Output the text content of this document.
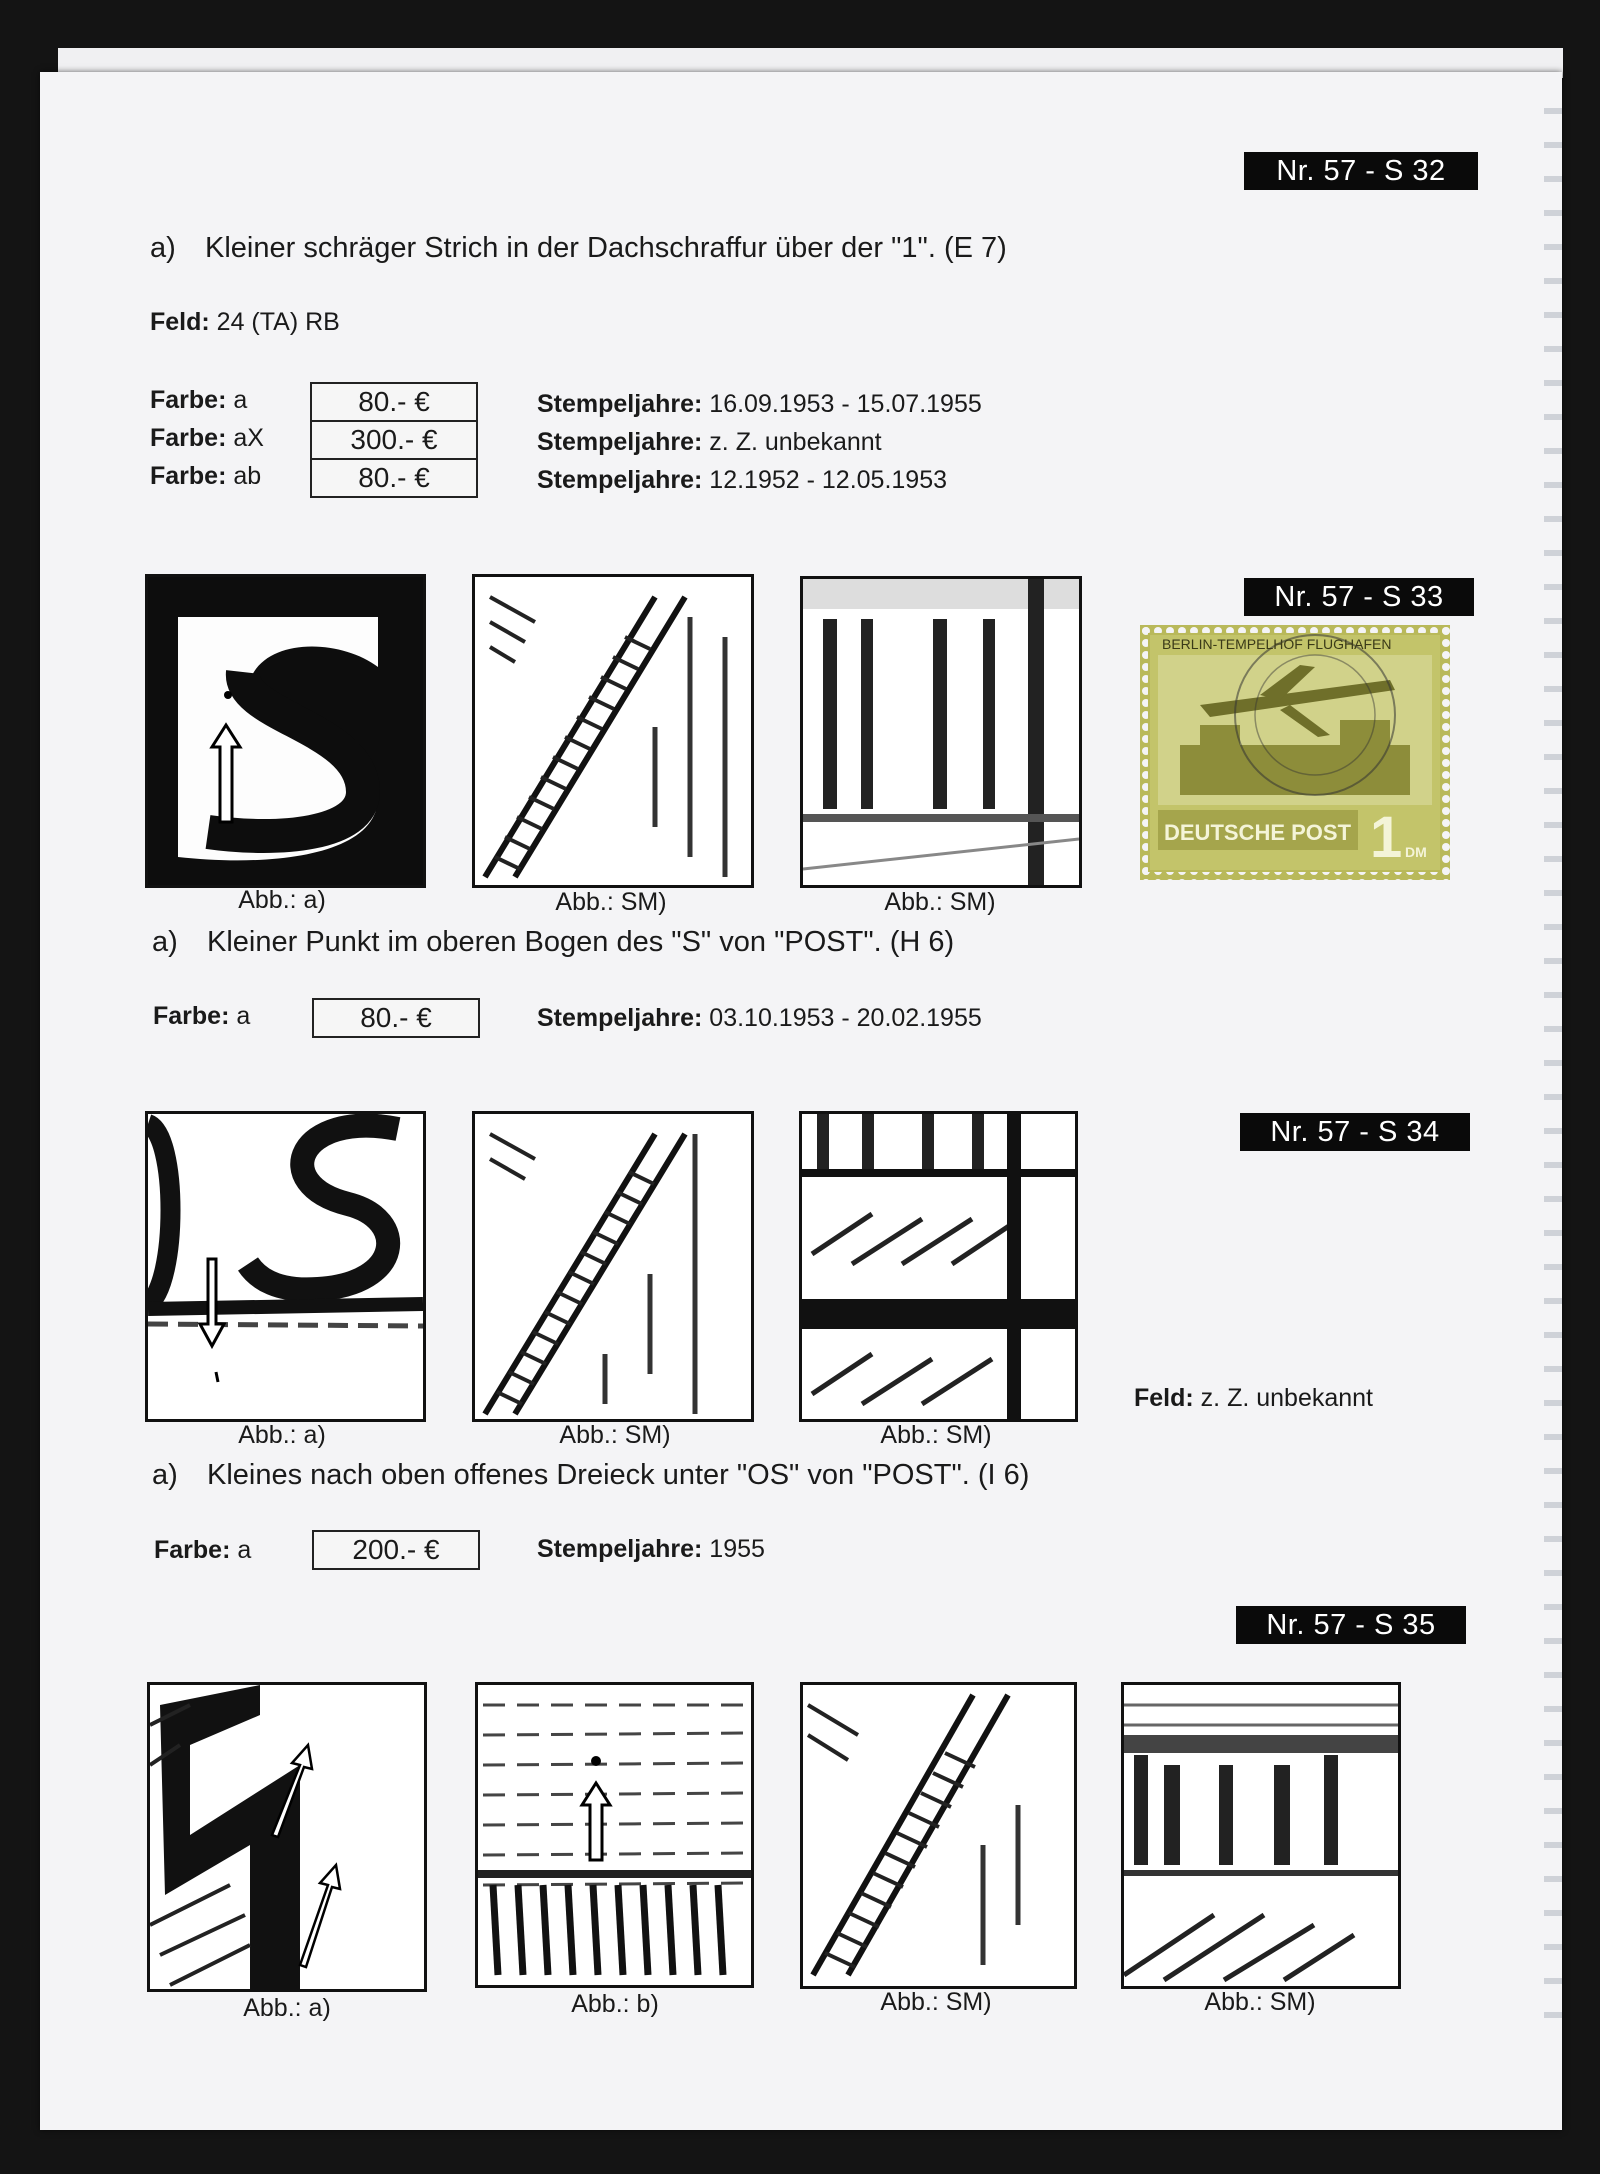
Nr. 57 - S 32
a) Kleiner schräger Strich in der Dachschraffur über der "1". (E 7)
Feld: 24 (TA) RB
Farbe: a	80.- €	Stempeljahre: 16.09.1953 - 15.07.1955
Farbe: aX	300.- €	Stempeljahre: z. Z. unbekannt
Farbe: ab	80.- €	Stempeljahre: 12.1952 - 12.05.1953
Nr. 57 - S 33
Abb.: a)	Abb.: SM)	Abb.: SM)
BERLIN-TEMPELHOF FLUGHAFEN
DEUTSCHE POST 1 DM
a) Kleiner Punkt im oberen Bogen des "S" von "POST". (H 6)
Farbe: a	80.- €	Stempeljahre: 03.10.1953 - 20.02.1955
Nr. 57 - S 34
Abb.: a)	Abb.: SM)	Abb.: SM)
Feld: z. Z. unbekannt
a) Kleines nach oben offenes Dreieck unter "OS" von "POST". (I 6)
Farbe: a	200.- €	Stempeljahre: 1955
Nr. 57 - S 35
Abb.: a)	Abb.: b)	Abb.: SM)	Abb.: SM)
